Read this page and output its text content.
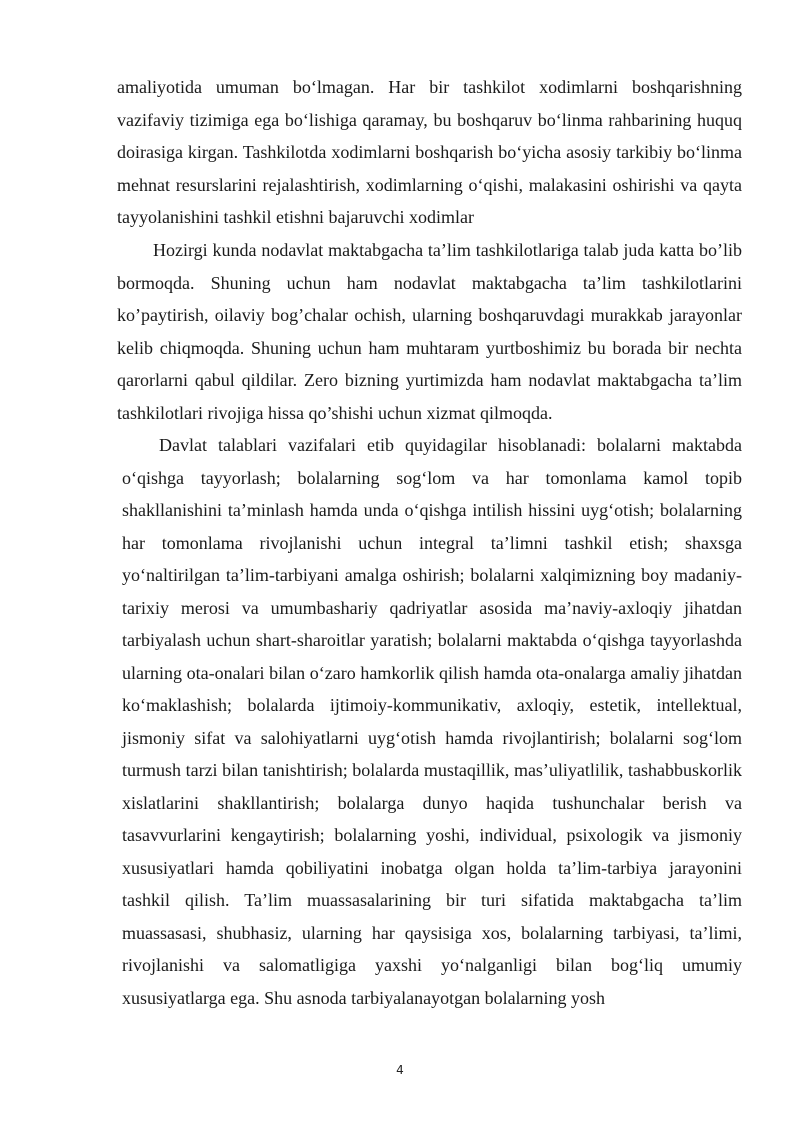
amaliyotida umuman bo‘lmagan. Har bir tashkilot xodimlarni boshqarishning vazifaviy tizimiga ega bo‘lishiga qaramay, bu boshqaruv bo‘linma rahbarining huquq doirasiga kirgan. Tashkilotda xodimlarni boshqarish bo‘yicha asosiy tarkibiy bo‘linma mehnat resurslarini rejalashtirish, xodimlarning o‘qishi, malakasini oshirishi va qayta tayyolanishini tashkil etishni bajaruvchi xodimlar
Hozirgi kunda nodavlat maktabgacha ta’lim tashkilotlariga talab juda katta bo’lib bormoqda. Shuning uchun ham nodavlat maktabgacha ta’lim tashkilotlarini ko’paytirish, oilaviy bog’chalar ochish, ularning boshqaruvdagi murakkab jarayonlar kelib chiqmoqda. Shuning uchun ham muhtaram yurtboshimiz bu borada bir nechta qarorlarni qabul qildilar. Zero bizning yurtimizda ham nodavlat maktabgacha ta’lim tashkilotlari rivojiga hissa qo’shishi uchun xizmat qilmoqda.
Davlat talablari vazifalari etib quyidagilar hisoblanadi: bolalarni maktabda o‘qishga tayyorlash; bolalarning sog‘lom va har tomonlama kamol topib shakllanishini ta’minlash hamda unda o‘qishga intilish hissini uyg‘otish; bolalarning har tomonlama rivojlanishi uchun integral ta’limni tashkil etish; shaxsga yo‘naltirilgan ta’lim-tarbiyani amalga oshirish; bolalarni xalqimizning boy madaniy-tarixiy merosi va umumbashariy qadriyatlar asosida ma’naviy-axloqiy jihatdan tarbiyalash uchun shart-sharoitlar yaratish; bolalarni maktabda o‘qishga tayyorlashda ularning ota-onalari bilan o‘zaro hamkorlik qilish hamda ota-onalarga amaliy jihatdan ko‘maklashish; bolalarda ijtimoiy-kommunikativ, axloqiy, estetik, intellektual, jismoniy sifat va salohiyatlarni uyg‘otish hamda rivojlantirish; bolalarni sog‘lom turmush tarzi bilan tanishtirish; bolalarda mustaqillik, mas’uliyatlilik, tashabbuskorlik xislatlarini shakllantirish; bolalarga dunyo haqida tushunchalar berish va tasavvurlarini kengaytirish; bolalarning yoshi, individual, psixologik va jismoniy xususiyatlari hamda qobiliyatini inobatga olgan holda ta’lim-tarbiya jarayonini tashkil qilish. Ta’lim muassasalarining bir turi sifatida maktabgacha ta’lim muassasasi, shubhasiz, ularning har qaysisiga xos, bolalarning tarbiyasi, ta’limi, rivojlanishi va salomatligiga yaxshi yo‘nalganligi bilan bog‘liq umumiy xususiyatlarga ega. Shu asnoda tarbiyalanayotgan bolalarning yosh
4
